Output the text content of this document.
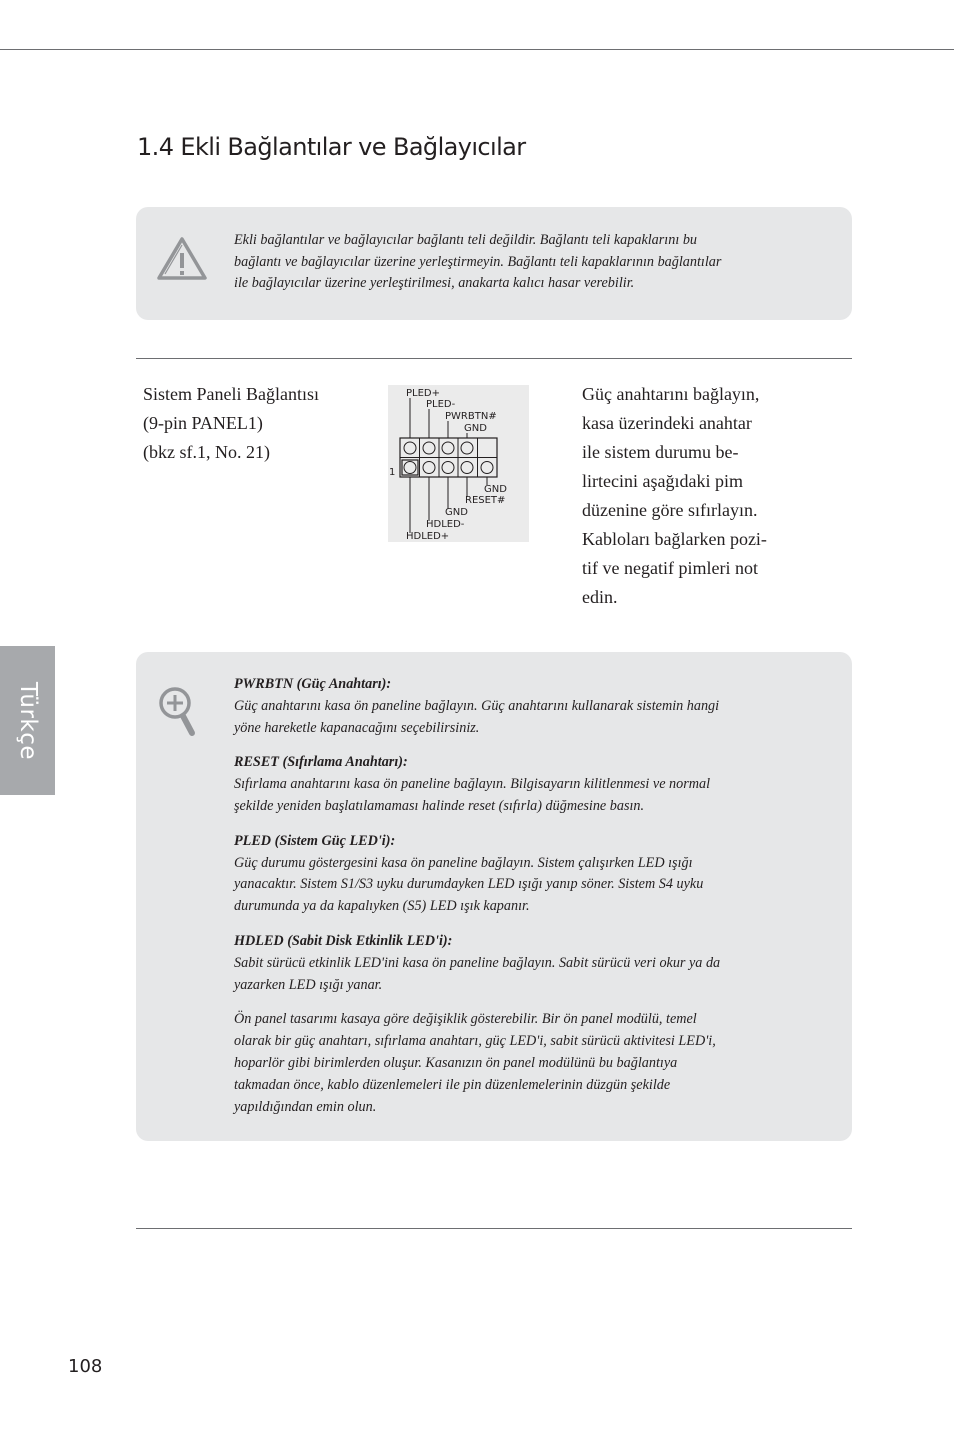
1.4 Ekli Bağlantılar ve Bağlayıcılar

Ekli bağlantılar ve bağlayıcılar bağlantı teli değildir. Bağlantı teli kapaklarını bu
bağlantı ve bağlayıcılar üzerine yerleştirmeyin. Bağlantı teli kapaklarının bağlantılar
ile bağlayıcılar üzerine yerleştirilmesi, anakarta kalıcı hasar verebilir.

Sistem Paneli Bağlantısı
(9-pin PANEL1)
(bkz sf.1, No. 21)
PLED+
PLED-
PWRBTN#
GND
1
GND
RESET#
GND
HDLED-
HDLED+
Güç anahtarını bağlayın,
kasa üzerindeki anahtar
ile sistem durumu be-
lirtecini aşağıdaki pim
düzenine göre sıfırlayın.
Kabloları bağlarken pozi-
tif ve negatif pimleri not
edin.
PWRBTN (Güç Anahtarı):

Güç anahtarını kasa ön paneline bağlayın. Güç anahtarını kullanarak sistemin hangi
yöne hareketle kapanacağını seçebilirsiniz.

RESET (Sıfırlama Anahtarı):

Sıfırlama anahtarını kasa ön paneline bağlayın. Bilgisayarın kilitlenmesi ve normal
şekilde yeniden başlatılamaması halinde reset (sıfırla) düğmesine basın.

PLED (Sistem Güç LED'i):

Güç durumu göstergesini kasa ön paneline bağlayın. Sistem çalışırken LED ışığı
yanacaktır. Sistem S1/S3 uyku durumdayken LED ışığı yanıp söner. Sistem S4 uyku
durumunda ya da kapalıyken (S5) LED ışık kapanır.

HDLED (Sabit Disk Etkinlik LED'i):

Sabit sürücü etkinlik LED'ini kasa ön paneline bağlayın. Sabit sürücü veri okur ya da
yazarken LED ışığı yanar.

Ön panel tasarımı kasaya göre değişiklik gösterebilir. Bir ön panel modülü, temel
olarak bir güç anahtarı, sıfırlama anahtarı, güç LED'i, sabit sürücü aktivitesi LED'i,
hoparlör gibi birimlerden oluşur. Kasanızın ön panel modülünü bu bağlantıya
takmadan önce, kablo düzenlemeleri ile pin düzenlemelerinin düzgün şekilde
yapıldığından emin olun.

Türkçe
108
